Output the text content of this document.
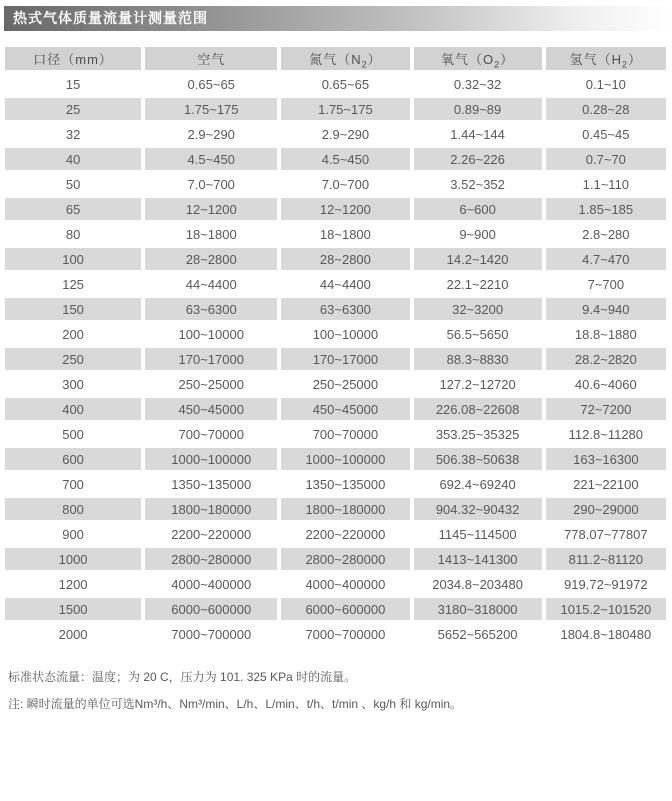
热式气体质量流量计测量范围
口径（mm）	空气	氮气$(N_2)$	氧气$(O_2)$	氢气$(H_2)$
15	0.65~65	0.65~65	0.32~32	0.1~10
25	1.75~175	1.75~175	0.89~89	0.28~28
32	2.9~290	2.9~290	1.44~144	0.45~45
40	4.5~450	4.5~450	2.26~226	0.7~70
50	7.0~700	7.0~700	3.52~352	1.1~110
65	12~1200	12~1200	6~600	1.85~185
80	18~1800	18~1800	9~900	2.8~280
100	28~2800	28~2800	14.2~1420	4.7~470
125	44~4400	44~4400	22.1~2210	7~700
150	63~6300	63~6300	32~3200	9.4~940
200	100~10000	100~10000	56.5~5650	18.8~1880
250	170~17000	170~17000	88.3~8830	28.2~2820
300	250~25000	250~25000	127.2~12720	40.6~4060
400	450~45000	450~45000	226.08~22608	72~7200
500	700~70000	700~70000	353.25~35325	112.8~11280
600	1000~100000	1000~100000	506.38~50638	163~16300
700	1350~135000	1350~135000	692.4~69240	221~22100
800	1800~180000	1800~180000	904.32~90432	290~29000
900	2200~220000	2200~220000	1145~114500	778.07~77807
1000	2800~280000	2800~280000	1413~141300	811.2~81120
1200	4000~400000	4000~400000	2034.8~203480	919.72~91972
1500	6000~600000	6000~600000	3180~318000	1015.2~101520
2000	7000~700000	7000~700000	5652~565200	1804.8~180480

标准状态流量：温度；为 20 C，压力为 101. 325 KPa 时的流量。

注: 瞬时流量的单位可选Nm³/h、Nm³/min、L/h、L/min、t/h、t/min 、kg/h 和 kg/min。
